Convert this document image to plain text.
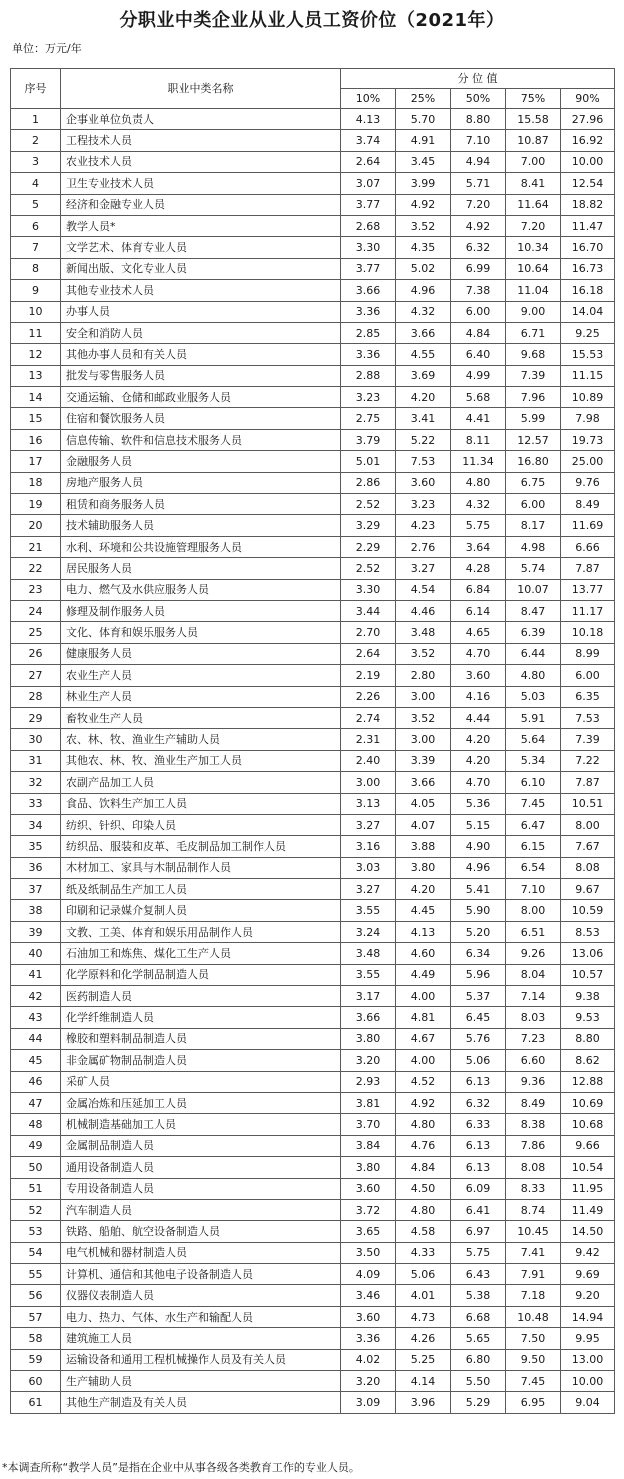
分职业中类企业从业人员工资价位（2021年）
单位：万元/年
序号	职业中类名称	分 位 值				
		10%	25%	50%	75%	90%
1	企事业单位负责人	4.13	5.70	8.80	15.58	27.96
2	工程技术人员	3.74	4.91	7.10	10.87	16.92
3	农业技术人员	2.64	3.45	4.94	7.00	10.00
4	卫生专业技术人员	3.07	3.99	5.71	8.41	12.54
5	经济和金融专业人员	3.77	4.92	7.20	11.64	18.82
6	教学人员*	2.68	3.52	4.92	7.20	11.47
7	文学艺术、体育专业人员	3.30	4.35	6.32	10.34	16.70
8	新闻出版、文化专业人员	3.77	5.02	6.99	10.64	16.73
9	其他专业技术人员	3.66	4.96	7.38	11.04	16.18
10	办事人员	3.36	4.32	6.00	9.00	14.04
11	安全和消防人员	2.85	3.66	4.84	6.71	9.25
12	其他办事人员和有关人员	3.36	4.55	6.40	9.68	15.53
13	批发与零售服务人员	2.88	3.69	4.99	7.39	11.15
14	交通运输、仓储和邮政业服务人员	3.23	4.20	5.68	7.96	10.89
15	住宿和餐饮服务人员	2.75	3.41	4.41	5.99	7.98
16	信息传输、软件和信息技术服务人员	3.79	5.22	8.11	12.57	19.73
17	金融服务人员	5.01	7.53	11.34	16.80	25.00
18	房地产服务人员	2.86	3.60	4.80	6.75	9.76
19	租赁和商务服务人员	2.52	3.23	4.32	6.00	8.49
20	技术辅助服务人员	3.29	4.23	5.75	8.17	11.69
21	水利、环境和公共设施管理服务人员	2.29	2.76	3.64	4.98	6.66
22	居民服务人员	2.52	3.27	4.28	5.74	7.87
23	电力、燃气及水供应服务人员	3.30	4.54	6.84	10.07	13.77
24	修理及制作服务人员	3.44	4.46	6.14	8.47	11.17
25	文化、体育和娱乐服务人员	2.70	3.48	4.65	6.39	10.18
26	健康服务人员	2.64	3.52	4.70	6.44	8.99
27	农业生产人员	2.19	2.80	3.60	4.80	6.00
28	林业生产人员	2.26	3.00	4.16	5.03	6.35
29	畜牧业生产人员	2.74	3.52	4.44	5.91	7.53
30	农、林、牧、渔业生产辅助人员	2.31	3.00	4.20	5.64	7.39
31	其他农、林、牧、渔业生产加工人员	2.40	3.39	4.20	5.34	7.22
32	农副产品加工人员	3.00	3.66	4.70	6.10	7.87
33	食品、饮料生产加工人员	3.13	4.05	5.36	7.45	10.51
34	纺织、针织、印染人员	3.27	4.07	5.15	6.47	8.00
35	纺织品、服装和皮革、毛皮制品加工制作人员	3.16	3.88	4.90	6.15	7.67
36	木材加工、家具与木制品制作人员	3.03	3.80	4.96	6.54	8.08
37	纸及纸制品生产加工人员	3.27	4.20	5.41	7.10	9.67
38	印刷和记录媒介复制人员	3.55	4.45	5.90	8.00	10.59
39	文教、工美、体育和娱乐用品制作人员	3.24	4.13	5.20	6.51	8.53
40	石油加工和炼焦、煤化工生产人员	3.48	4.60	6.34	9.26	13.06
41	化学原料和化学制品制造人员	3.55	4.49	5.96	8.04	10.57
42	医药制造人员	3.17	4.00	5.37	7.14	9.38
43	化学纤维制造人员	3.66	4.81	6.45	8.03	9.53
44	橡胶和塑料制品制造人员	3.80	4.67	5.76	7.23	8.80
45	非金属矿物制品制造人员	3.20	4.00	5.06	6.60	8.62
46	采矿人员	2.93	4.52	6.13	9.36	12.88
47	金属冶炼和压延加工人员	3.81	4.92	6.32	8.49	10.69
48	机械制造基础加工人员	3.70	4.80	6.33	8.38	10.68
49	金属制品制造人员	3.84	4.76	6.13	7.86	9.66
50	通用设备制造人员	3.80	4.84	6.13	8.08	10.54
51	专用设备制造人员	3.60	4.50	6.09	8.33	11.95
52	汽车制造人员	3.72	4.80	6.41	8.74	11.49
53	铁路、船舶、航空设备制造人员	3.65	4.58	6.97	10.45	14.50
54	电气机械和器材制造人员	3.50	4.33	5.75	7.41	9.42
55	计算机、通信和其他电子设备制造人员	4.09	5.06	6.43	7.91	9.69
56	仪器仪表制造人员	3.46	4.01	5.38	7.18	9.20
57	电力、热力、气体、水生产和输配人员	3.60	4.73	6.68	10.48	14.94
58	建筑施工人员	3.36	4.26	5.65	7.50	9.95
59	运输设备和通用工程机械操作人员及有关人员	4.02	5.25	6.80	9.50	13.00
60	生产辅助人员	3.20	4.14	5.50	7.45	10.00
61	其他生产制造及有关人员	3.09	3.96	5.29	6.95	9.04
*本调查所称“教学人员”是指在企业中从事各级各类教育工作的专业人员。
